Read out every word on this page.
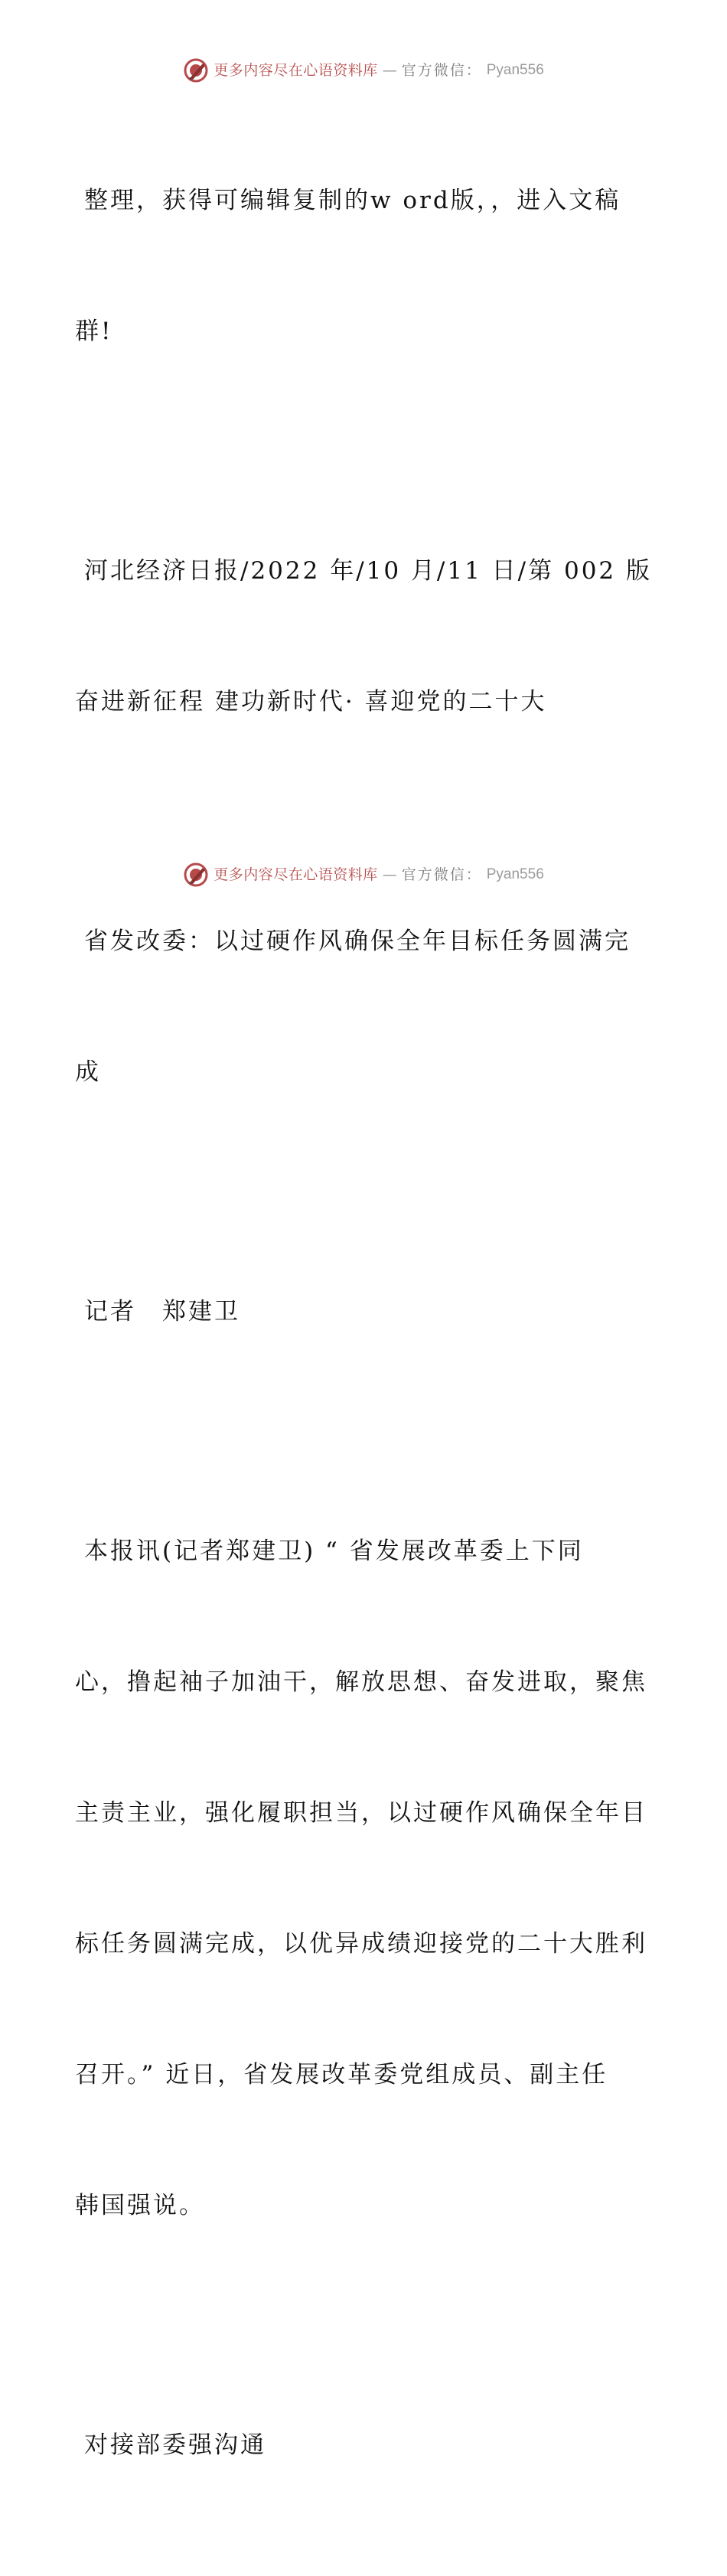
更多内容尽在心语资料库 — 官方微信： Pyan556

整理，获得可编辑复制的w ord版，，进入文稿

群!

河北经济日报/2022 年/10 月/11 日/第 002 版

奋进新征程 建功新时代· 喜迎党的二十大

省发改委：以过硬作风确保全年目标任务圆满完

成

记者　郑建卫

本报讯(记者郑建卫) “ 省发展改革委上下同

心，撸起袖子加油干，解放思想、奋发进取，聚焦

主责主业，强化履职担当，以过硬作风确保全年目

标任务圆满完成，以优异成绩迎接党的二十大胜利

召开。” 近日，省发展改革委党组成员、副主任

韩国强说。

对接部委强沟通

更多内容尽在心语资料库 — 官方微信： Pyan556
